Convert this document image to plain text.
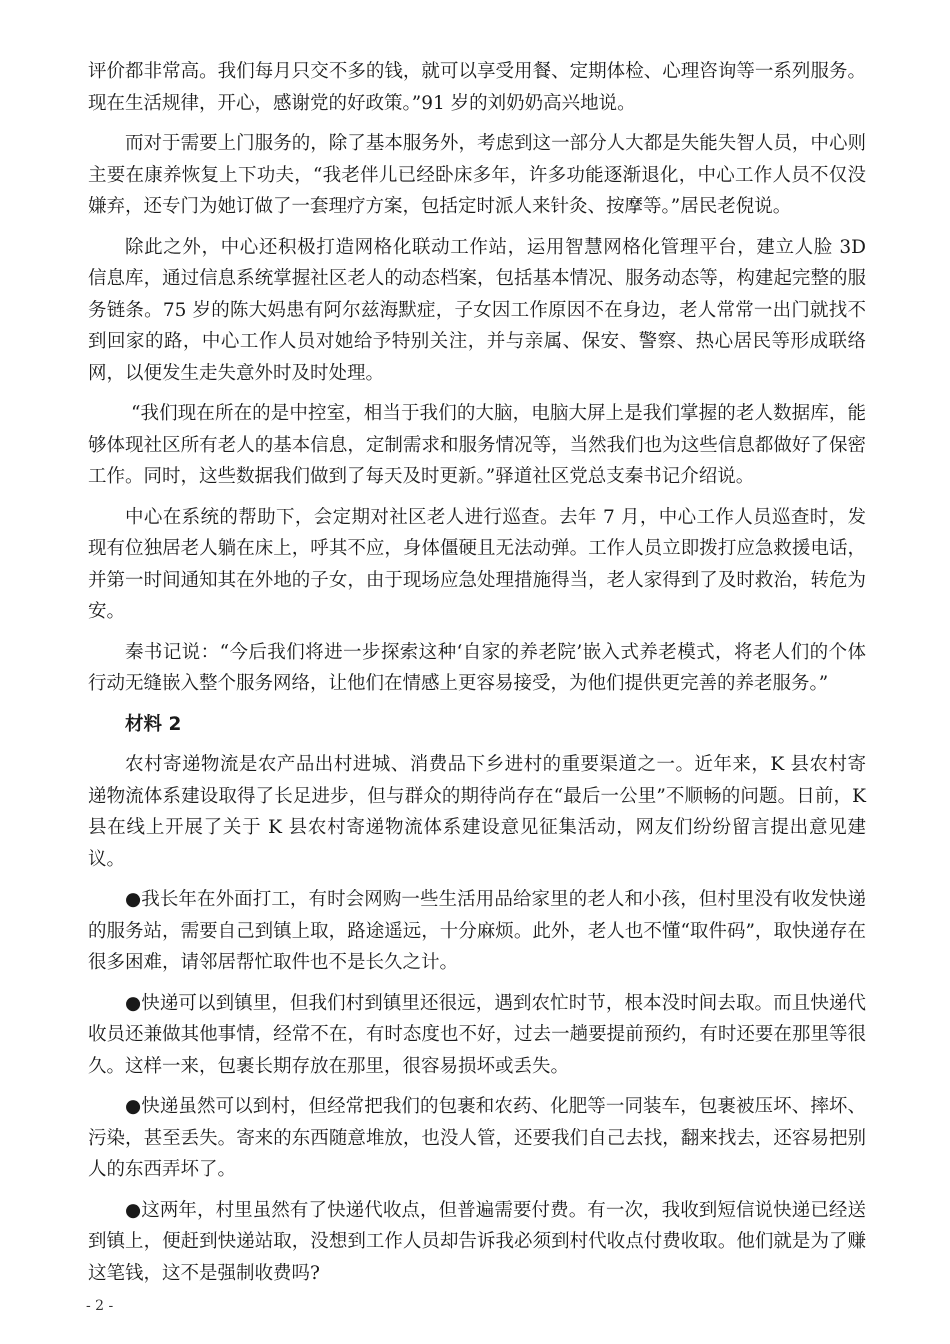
评价都非常高。我们每月只交不多的钱，就可以享受用餐、定期体检、心理咨询等一系列服务。现在生活规律，开心，感谢党的好政策。”91 岁的刘奶奶高兴地说。

而对于需要上门服务的，除了基本服务外，考虑到这一部分人大都是失能失智人员，中心则主要在康养恢复上下功夫，“我老伴儿已经卧床多年，许多功能逐渐退化，中心工作人员不仅没嫌弃，还专门为她订做了一套理疗方案，包括定时派人来针灸、按摩等。”居民老倪说。

除此之外，中心还积极打造网格化联动工作站，运用智慧网格化管理平台，建立人脸 3D 信息库，通过信息系统掌握社区老人的动态档案，包括基本情况、服务动态等，构建起完整的服务链条。75 岁的陈大妈患有阿尔兹海默症，子女因工作原因不在身边，老人常常一出门就找不到回家的路，中心工作人员对她给予特别关注，并与亲属、保安、警察、热心居民等形成联络网，以便发生走失意外时及时处理。

“我们现在所在的是中控室，相当于我们的大脑，电脑大屏上是我们掌握的老人数据库，能够体现社区所有老人的基本信息，定制需求和服务情况等，当然我们也为这些信息都做好了保密工作。同时，这些数据我们做到了每天及时更新。”驿道社区党总支秦书记介绍说。

中心在系统的帮助下，会定期对社区老人进行巡查。去年 7 月，中心工作人员巡查时，发现有位独居老人躺在床上，呼其不应，身体僵硬且无法动弹。工作人员立即拨打应急救援电话，并第一时间通知其在外地的子女，由于现场应急处理措施得当，老人家得到了及时救治，转危为安。

秦书记说：“今后我们将进一步探索这种‘自家的养老院’嵌入式养老模式，将老人们的个体行动无缝嵌入整个服务网络，让他们在情感上更容易接受，为他们提供更完善的养老服务。”

材料 2

农村寄递物流是农产品出村进城、消费品下乡进村的重要渠道之一。近年来，K 县农村寄递物流体系建设取得了长足进步，但与群众的期待尚存在“最后一公里”不顺畅的问题。日前，K 县在线上开展了关于 K 县农村寄递物流体系建设意见征集活动，网友们纷纷留言提出意见建议。

●我长年在外面打工，有时会网购一些生活用品给家里的老人和小孩，但村里没有收发快递的服务站，需要自己到镇上取，路途遥远，十分麻烦。此外，老人也不懂“取件码”，取快递存在很多困难，请邻居帮忙取件也不是长久之计。

●快递可以到镇里，但我们村到镇里还很远，遇到农忙时节，根本没时间去取。而且快递代收员还兼做其他事情，经常不在，有时态度也不好，过去一趟要提前预约，有时还要在那里等很久。这样一来，包裹长期存放在那里，很容易损坏或丢失。

●快递虽然可以到村，但经常把我们的包裹和农药、化肥等一同装车，包裹被压坏、摔坏、污染，甚至丢失。寄来的东西随意堆放，也没人管，还要我们自己去找，翻来找去，还容易把别人的东西弄坏了。

●这两年，村里虽然有了快递代收点，但普遍需要付费。有一次，我收到短信说快递已经送到镇上，便赶到快递站取，没想到工作人员却告诉我必须到村代收点付费收取。他们就是为了赚这笔钱，这不是强制收费吗?

- 2 -
